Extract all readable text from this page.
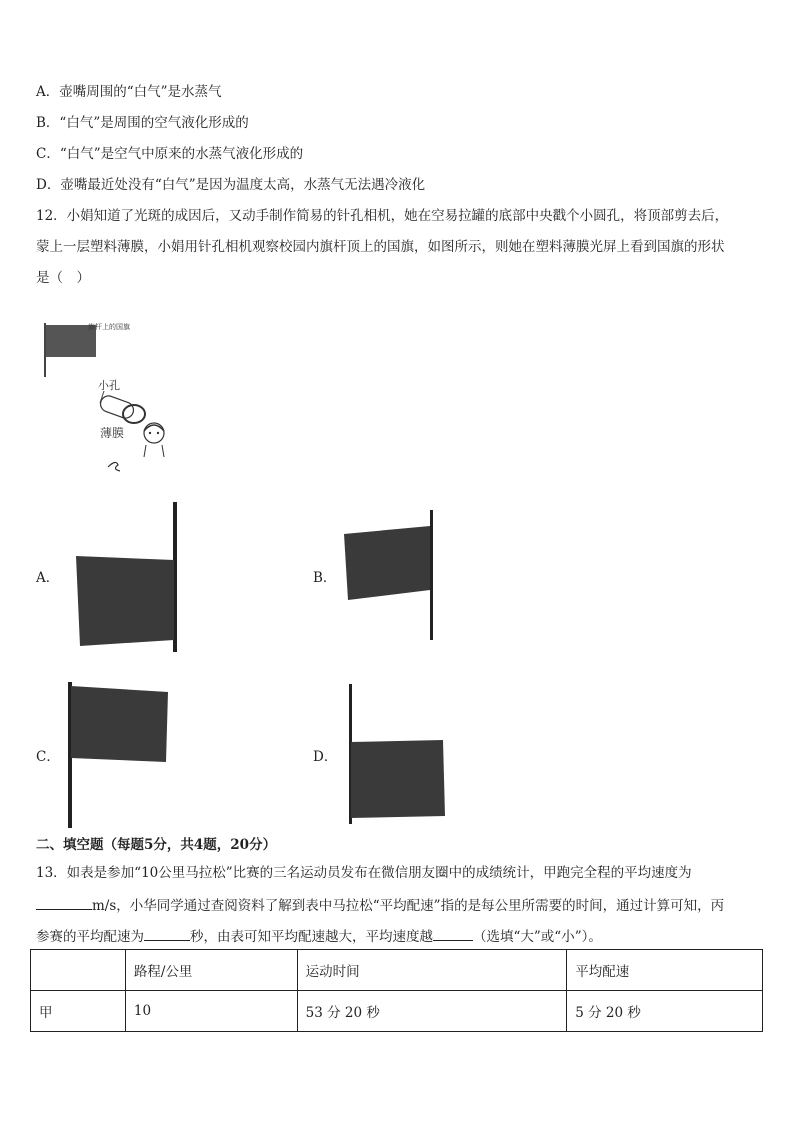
A．壶嘴周围的“白气”是水蒸气
B．“白气”是周围的空气液化形成的
C．“白气”是空气中原来的水蒸气液化形成的
D．壶嘴最近处没有“白气”是因为温度太高，水蒸气无法遇冷液化
12．小娟知道了光斑的成因后，又动手制作简易的针孔相机，她在空易拉罐的底部中央戳个小圆孔，将顶部剪去后，
蒙上一层塑料薄膜，小娟用针孔相机观察校园内旗杆顶上的国旗，如图所示，则她在塑料薄膜光屏上看到国旗的形状
是（　）
旗杆上的国旗
小孔
薄膜
A．	B．
C．	D．
二、填空题（每题5分，共4题，20分）
13．如表是参加“10公里马拉松”比赛的三名运动员发布在微信朋友圈中的成绩统计，甲跑完全程的平均速度为
m/s，小华同学通过查阅资料了解到表中马拉松“平均配速”指的是每公里所需要的时间，通过计算可知，丙
参赛的平均配速为	秒，由表可知平均配速越大，平均速度越	（选填“大”或“小”）。
	路程/公里	运动时间	平均配速
甲	10	53 分 20 秒	5 分 20 秒
